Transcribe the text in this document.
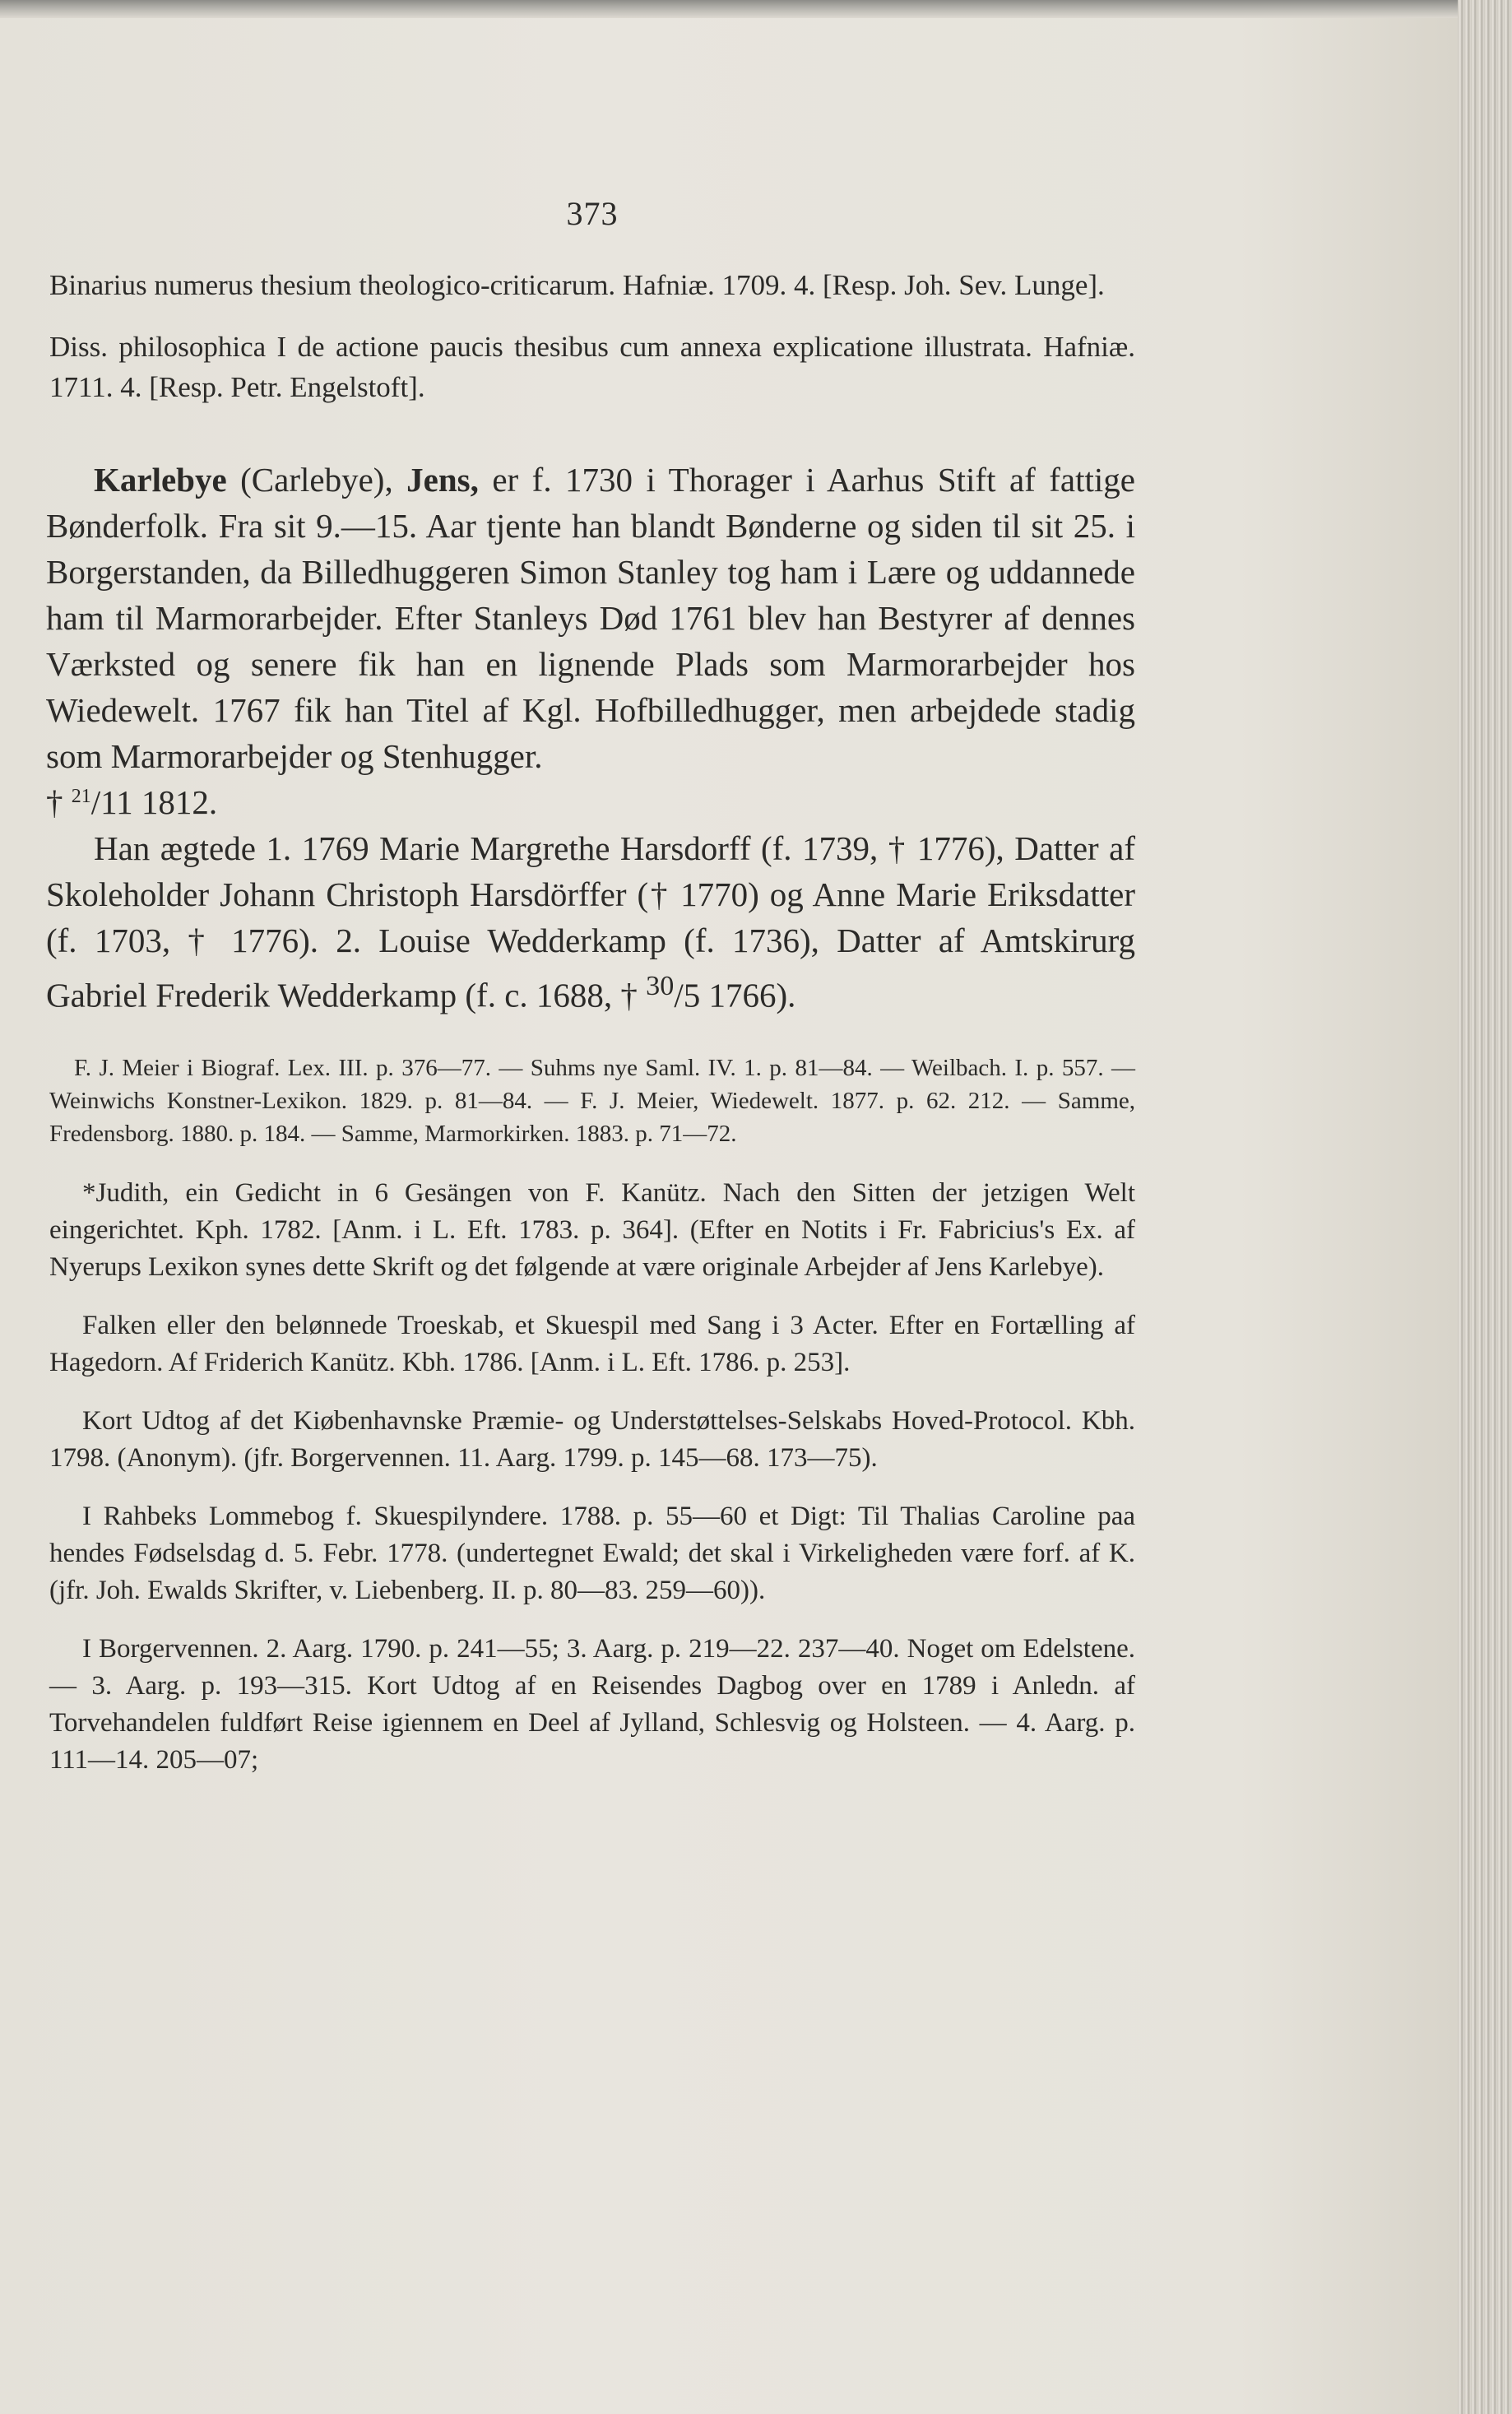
373

Binarius numerus thesium theologico-criticarum. Hafniæ. 1709. 4. [Resp. Joh. Sev. Lunge].

Diss. philosophica I de actione paucis thesibus cum annexa explicatione illustrata. Hafniæ. 1711. 4. [Resp. Petr. Engelstoft].

Karlebye (Carlebye), Jens, er f. 1730 i Thorager i Aarhus Stift af fattige Bønderfolk. Fra sit 9.—15. Aar tjente han blandt Bønderne og siden til sit 25. i Borgerstanden, da Billedhuggeren Simon Stanley tog ham i Lære og uddannede ham til Marmorarbejder. Efter Stanleys Død 1761 blev han Bestyrer af dennes Værksted og senere fik han en lignende Plads som Marmorarbejder hos Wiedewelt. 1767 fik han Titel af Kgl. Hofbilledhugger, men arbejdede stadig som Marmorarbejder og Stenhugger.
† $^{21}$/11 1812.

Han ægtede 1. 1769 Marie Margrethe Harsdorff (f. 1739, † 1776), Datter af Skoleholder Johann Christoph Harsdörffer († 1770) og Anne Marie Eriksdatter (f. 1703, † 1776). 2. Louise Wedderkamp (f. 1736), Datter af Amtskirurg Gabriel Frederik Wedderkamp (f. c. 1688, † $^{30}$/5 1766).

F. J. Meier i Biograf. Lex. III. p. 376—77. — Suhms nye Saml. IV. 1. p. 81—84. — Weilbach. I. p. 557. — Weinwichs Konstner-Lexikon. 1829. p. 81—84. — F. J. Meier, Wiedewelt. 1877. p. 62. 212. — Samme, Fredensborg. 1880. p. 184. — Samme, Marmorkirken. 1883. p. 71—72.

*Judith, ein Gedicht in 6 Gesängen von F. Kanütz. Nach den Sitten der jetzigen Welt eingerichtet. Kph. 1782. [Anm. i L. Eft. 1783. p. 364]. (Efter en Notits i Fr. Fabricius's Ex. af Nyerups Lexikon synes dette Skrift og det følgende at være originale Arbejder af Jens Karlebye).

Falken eller den belønnede Troeskab, et Skuespil med Sang i 3 Acter. Efter en Fortælling af Hagedorn. Af Friderich Kanütz. Kbh. 1786. [Anm. i L. Eft. 1786. p. 253].

Kort Udtog af det Kiøbenhavnske Præmie- og Understøttelses-Selskabs Hoved-Protocol. Kbh. 1798. (Anonym). (jfr. Borgervennen. 11. Aarg. 1799. p. 145—68. 173—75).

I Rahbeks Lommebog f. Skuespilyndere. 1788. p. 55—60 et Digt: Til Thalias Caroline paa hendes Fødselsdag d. 5. Febr. 1778. (undertegnet Ewald; det skal i Virkeligheden være forf. af K. (jfr. Joh. Ewalds Skrifter, v. Liebenberg. II. p. 80—83. 259—60)).

I Borgervennen. 2. Aarg. 1790. p. 241—55; 3. Aarg. p. 219—22. 237—40. Noget om Edelstene. — 3. Aarg. p. 193—315. Kort Udtog af en Reisendes Dagbog over en 1789 i Anledn. af Torvehandelen fuldført Reise igiennem en Deel af Jylland, Schlesvig og Holsteen. — 4. Aarg. p. 111—14. 205—07;
